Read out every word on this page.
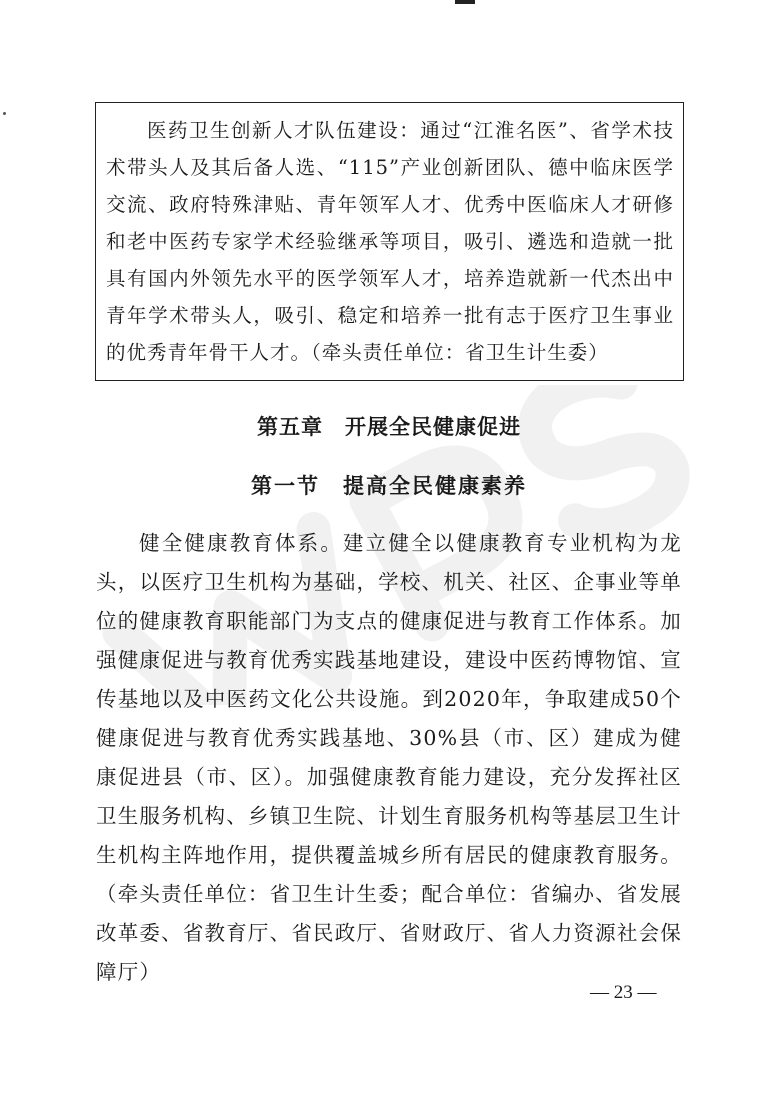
医药卫生创新人才队伍建设：通过“江淮名医”、省学术技术带头人及其后备人选、“115”产业创新团队、德中临床医学交流、政府特殊津贴、青年领军人才、优秀中医临床人才研修和老中医药专家学术经验继承等项目，吸引、遴选和造就一批具有国内外领先水平的医学领军人才，培养造就新一代杰出中青年学术带头人，吸引、稳定和培养一批有志于医疗卫生事业的优秀青年骨干人才。（牵头责任单位：省卫生计生委）

第五章　开展全民健康促进
第一节　提高全民健康素养

健全健康教育体系。建立健全以健康教育专业机构为龙头，以医疗卫生机构为基础，学校、机关、社区、企事业等单位的健康教育职能部门为支点的健康促进与教育工作体系。加强健康促进与教育优秀实践基地建设，建设中医药博物馆、宣传基地以及中医药文化公共设施。到2020年，争取建成50个健康促进与教育优秀实践基地、30%县（市、区）建成为健康促进县（市、区）。加强健康教育能力建设，充分发挥社区卫生服务机构、乡镇卫生院、计划生育服务机构等基层卫生计生机构主阵地作用，提供覆盖城乡所有居民的健康教育服务。（牵头责任单位：省卫生计生委；配合单位：省编办、省发展改革委、省教育厅、省民政厅、省财政厅、省人力资源社会保障厅）

— 23 —
